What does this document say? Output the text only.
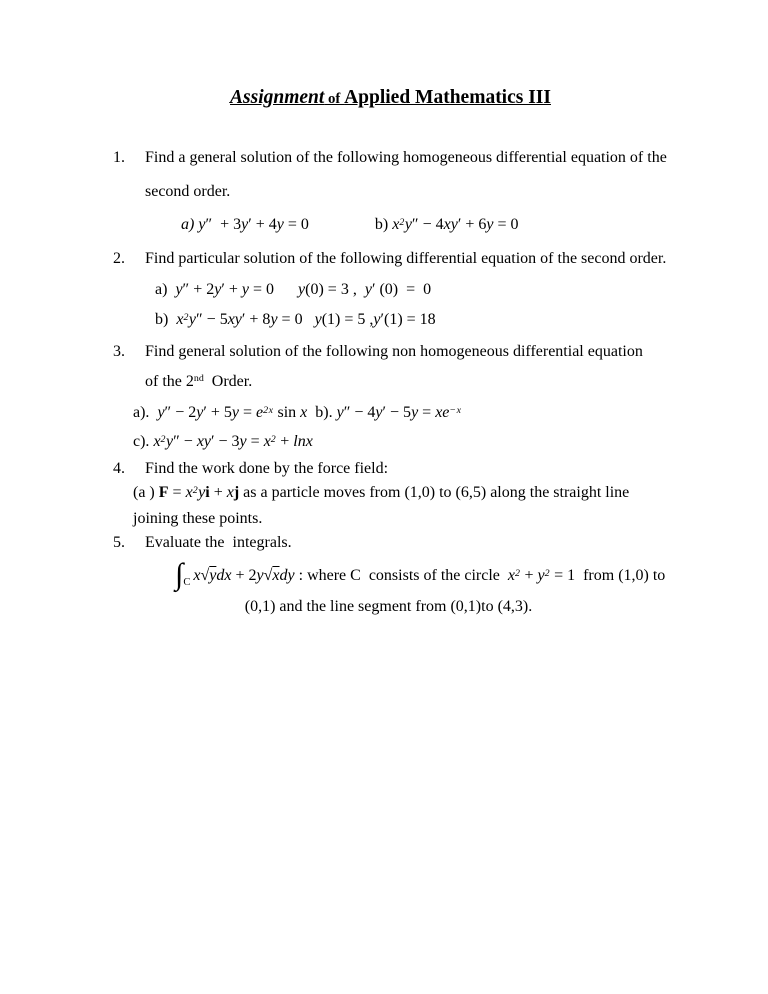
Assignment of Applied Mathematics III
1.	Find a general solution of the following homogeneous differential equation of the second order.

a) y″  + 3y′ + 4y = 0	b) $x^2y'' - 4xy' + 6y = 0$
2.	Find particular solution of the following differential equation of the second order.

a)  y″ + 2y′ + y = 0      y(0) = 3 ,  y′ (0)  =  0

b)  $x^2y'' - 5xy' + 8y = 0$   y(1) = 5 ,y′(1) = 18

3.	Find general solution of the following non homogeneous differential equation of the 2nd  Order.

a).  $y'' - 2y' + 5y = e^{2x}$ sin x  b). $y'' - 4y' - 5y = xe^{-x}$

c). $x^2y'' - xy' - 3y = x^2 + \ln x$

4.	Find the work done by the force field:

(a ) $F = x^2yi$ + xj as a particle moves from (1,0) to (6,5) along the straight line joining these points.

5.	Evaluate the  integrals.

$\int_C$ x√ydx + 2y√xdy : where C  consists of the circle  $x^2 + y^2 = 1$  from (1,0) to

(0,1) and the line segment from (0,1)to (4,3).
